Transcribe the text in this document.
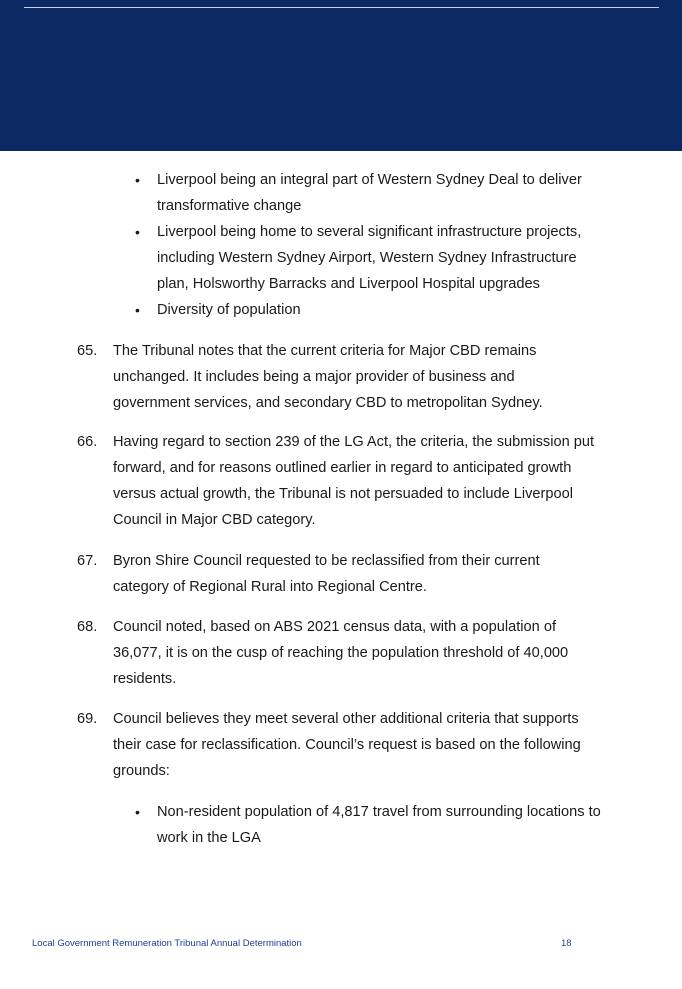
• Liverpool being an integral part of Western Sydney Deal to deliver transformative change
• Liverpool being home to several significant infrastructure projects, including Western Sydney Airport, Western Sydney Infrastructure plan, Holsworthy Barracks and Liverpool Hospital upgrades
• Diversity of population
65. The Tribunal notes that the current criteria for Major CBD remains unchanged. It includes being a major provider of business and government services, and secondary CBD to metropolitan Sydney.
66. Having regard to section 239 of the LG Act, the criteria, the submission put forward, and for reasons outlined earlier in regard to anticipated growth versus actual growth, the Tribunal is not persuaded to include Liverpool Council in Major CBD category.
67. Byron Shire Council requested to be reclassified from their current category of Regional Rural into Regional Centre.
68. Council noted, based on ABS 2021 census data, with a population of 36,077, it is on the cusp of reaching the population threshold of 40,000 residents.
69. Council believes they meet several other additional criteria that supports their case for reclassification. Council’s request is based on the following grounds:
• Non-resident population of 4,817 travel from surrounding locations to work in the LGA
Local Government Remuneration Tribunal Annual Determination	18
